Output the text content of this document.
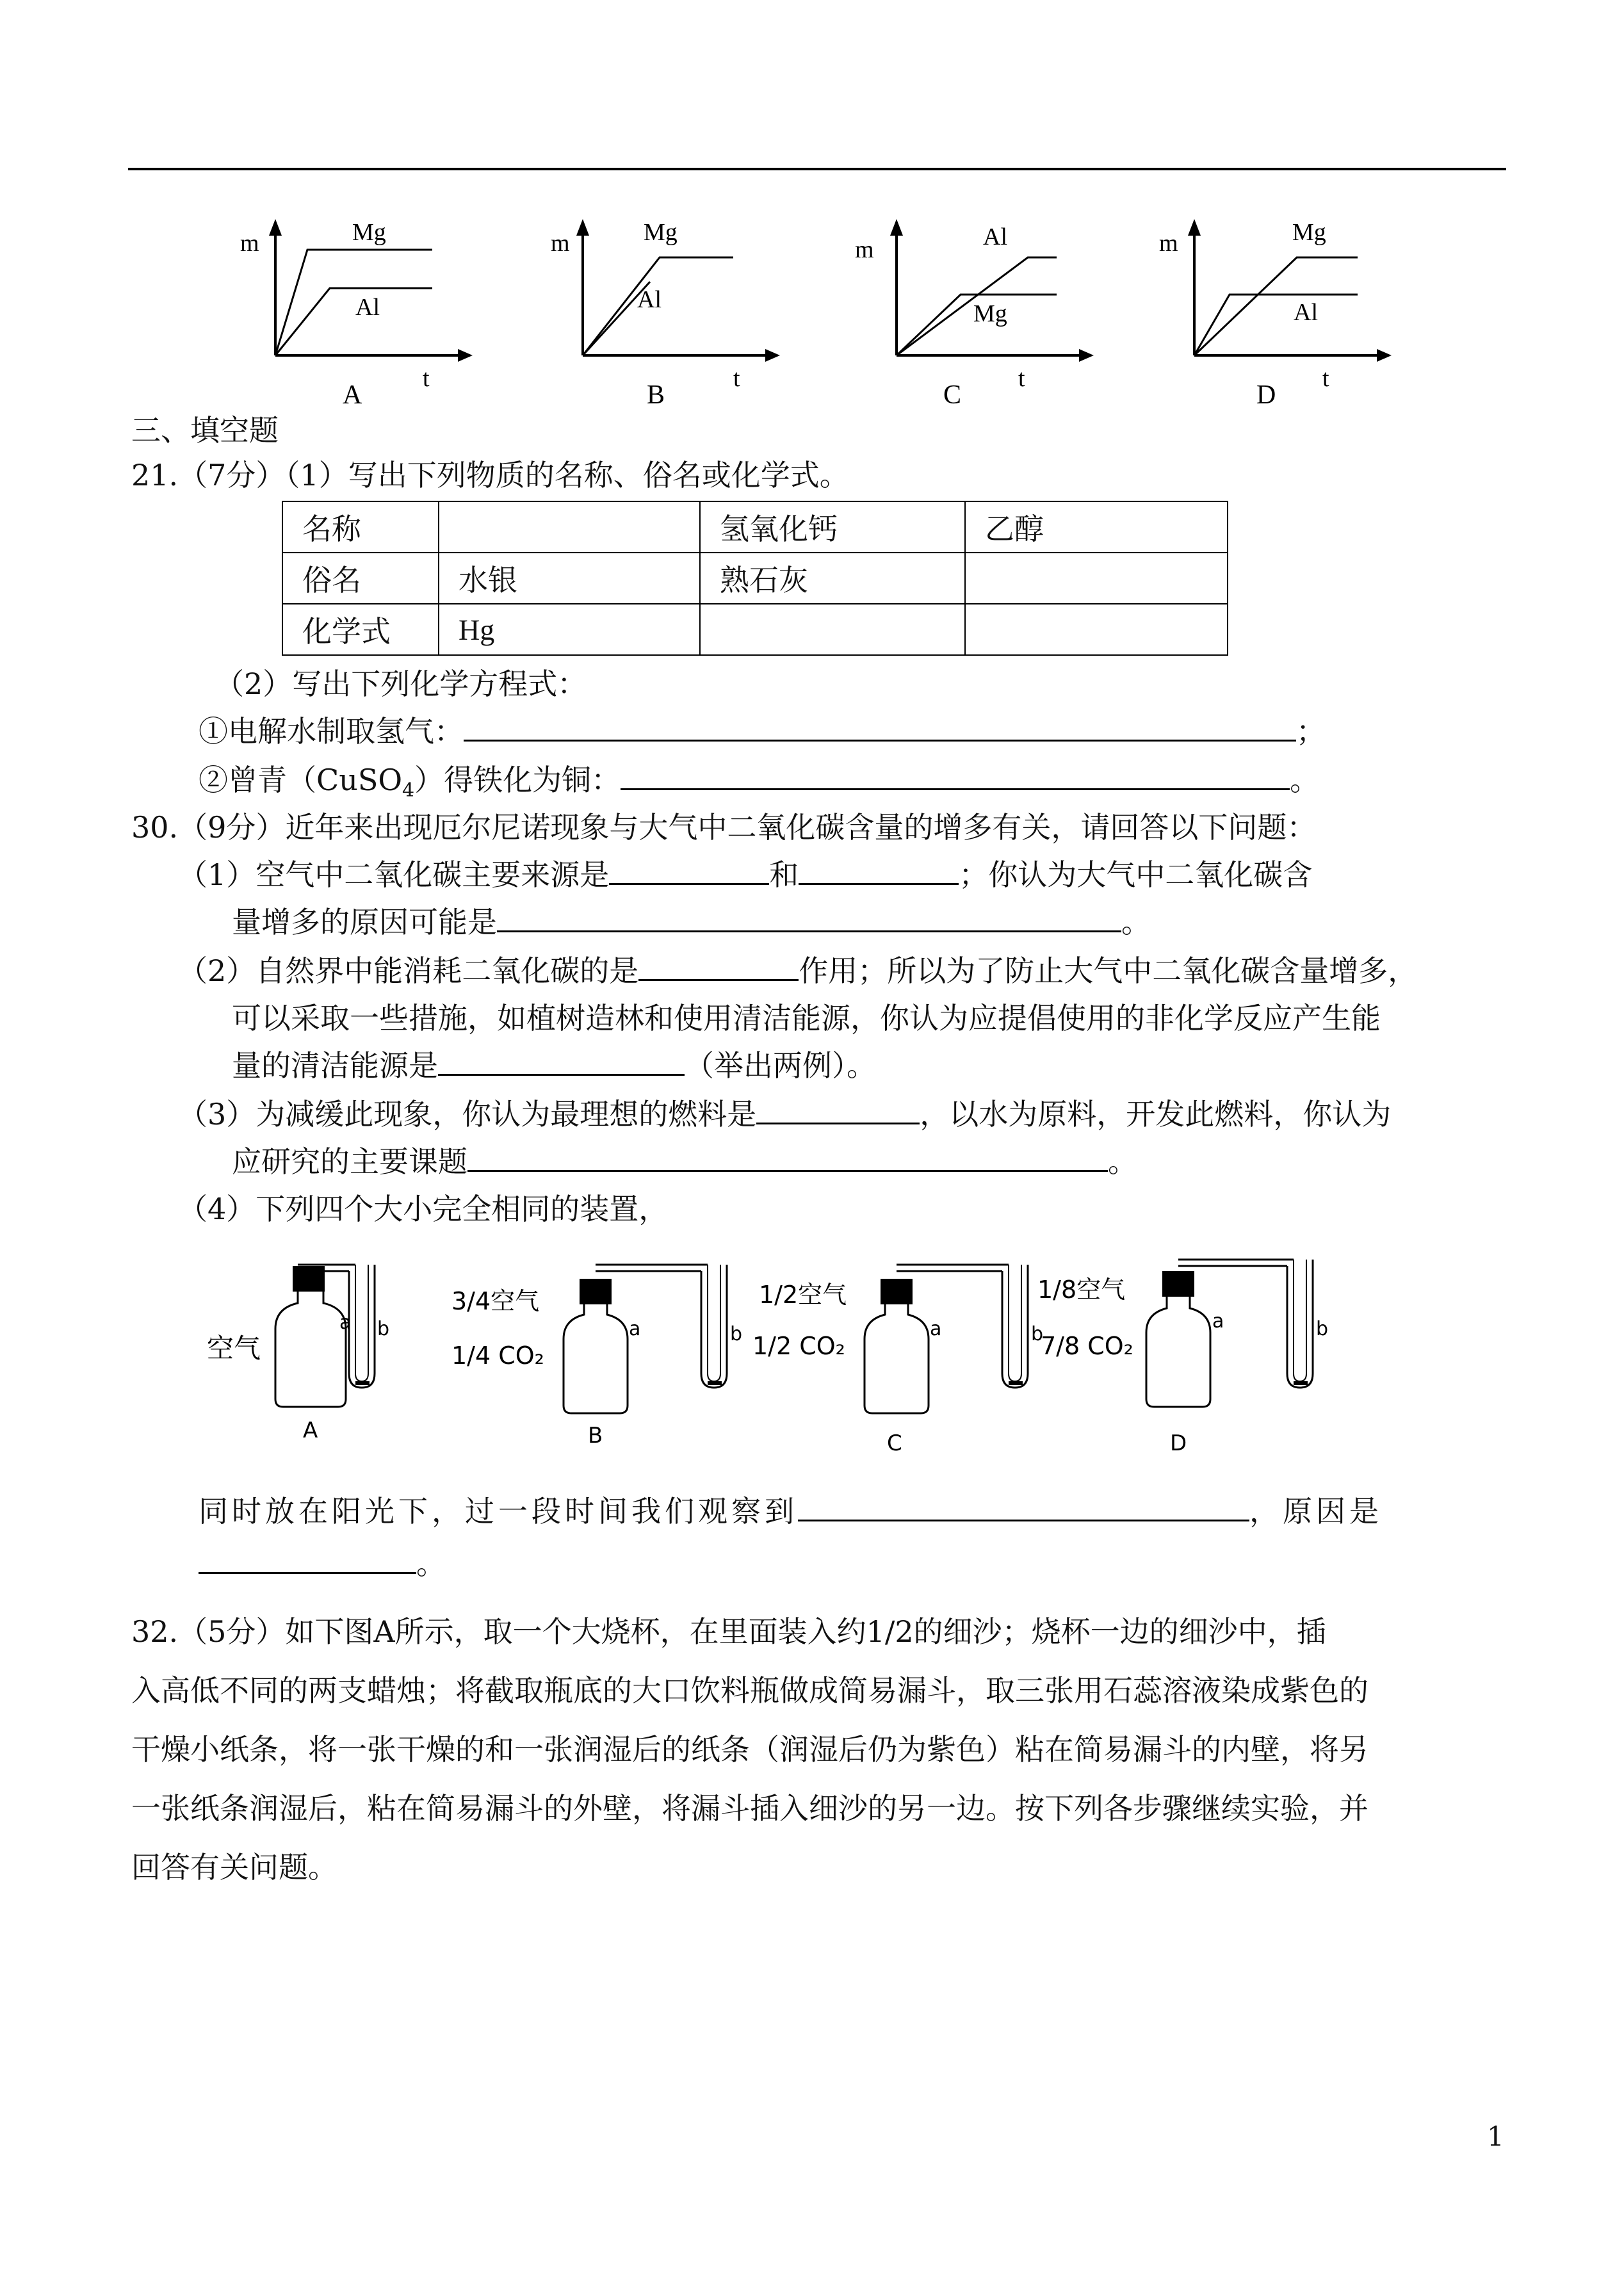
m	Mg
Al
t
A
m	Mg
Al
t
B
m	Al
Mg
t
C
m	Mg
Al
t
D
三、填空题
21.（7分）（1）写出下列物质的名称、俗名或化学式。
名称		氢氧化钙	乙醇
俗名	水银	熟石灰	
化学式	Hg		
（2）写出下列化学方程式：
①电解水制取氢气：	；
②曾青（CuSO$_4$）得铁化为铜：	。
30.（9分）近年来出现厄尔尼诺现象与大气中二氧化碳含量的增多有关，请回答以下问题：
（1）空气中二氧化碳主要来源是	和	；你认为大气中二氧化碳含
量增多的原因可能是	。
（2）自然界中能消耗二氧化碳的是	作用；所以为了防止大气中二氧化碳含量增多，
可以采取一些措施，如植树造林和使用清洁能源，你认为应提倡使用的非化学反应产生能
量的清洁能源是	（举出两例）。
（3）为减缓此现象，你认为最理想的燃料是	，以水为原料，开发此燃料，你认为
应研究的主要课题	。
（4）下列四个大小完全相同的装置，
a b
空气
A
a	b
3/4空气
1/4 CO₂
B
a	b
1/2空气
1/2 CO₂
C
a	b
1/8空气
7/8 CO₂
D
同时放在阳光下，过一段时间我们观察到	，原因是
。
32.（5分）如下图A所示，取一个大烧杯，在里面装入约1/2的细沙；烧杯一边的细沙中，插
入高低不同的两支蜡烛；将截取瓶底的大口饮料瓶做成简易漏斗，取三张用石蕊溶液染成紫色的
干燥小纸条，将一张干燥的和一张润湿后的纸条（润湿后仍为紫色）粘在简易漏斗的内壁，将另
一张纸条润湿后，粘在简易漏斗的外壁，将漏斗插入细沙的另一边。按下列各步骤继续实验，并
回答有关问题。
1
